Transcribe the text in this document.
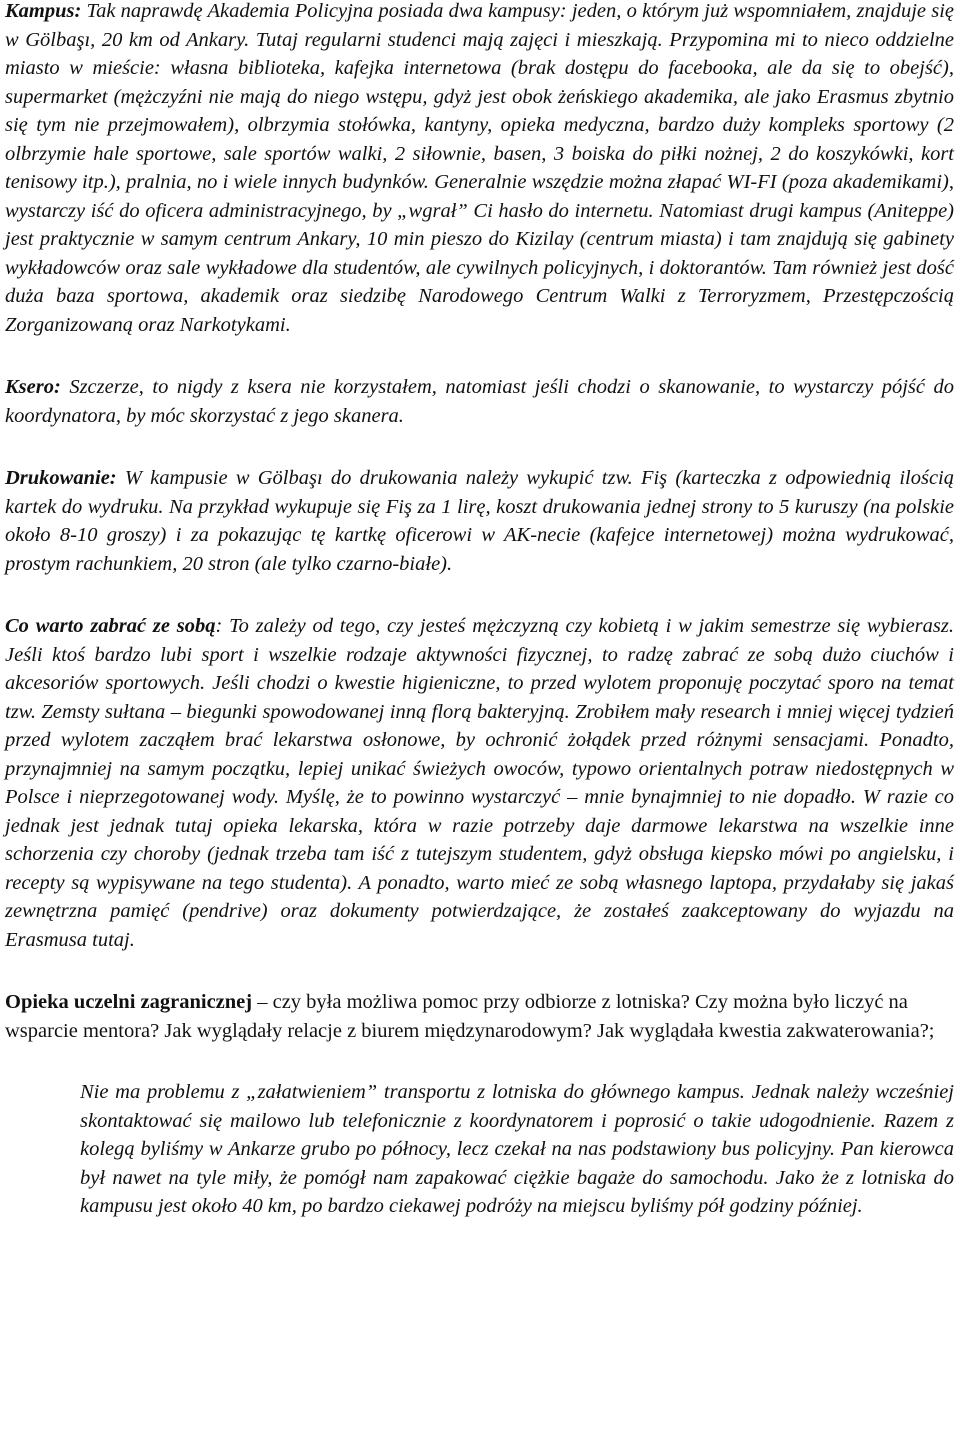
Kampus: Tak naprawdę Akademia Policyjna posiada dwa kampusy: jeden, o którym już wspomniałem, znajduje się w Gölbaşı, 20 km od Ankary. Tutaj regularni studenci mają zajęci i mieszkają. Przypomina mi to nieco oddzielne miasto w mieście: własna biblioteka, kafejka internetowa (brak dostępu do facebooka, ale da się to obejść), supermarket (mężczyźni nie mają do niego wstępu, gdyż jest obok żeńskiego akademika, ale jako Erasmus zbytnio się tym nie przejmowałem), olbrzymia stołówka, kantyny, opieka medyczna, bardzo duży kompleks sportowy (2 olbrzymie hale sportowe, sale sportów walki, 2 siłownie, basen, 3 boiska do piłki nożnej, 2 do koszykówki, kort tenisowy itp.), pralnia, no i wiele innych budynków. Generalnie wszędzie można złapać WI-FI (poza akademikami), wystarczy iść do oficera administracyjnego, by „wgrał” Ci hasło do internetu. Natomiast drugi kampus (Aniteppe) jest praktycznie w samym centrum Ankary, 10 min pieszo do Kizilay (centrum miasta) i tam znajdują się gabinety wykładowców oraz sale wykładowe dla studentów, ale cywilnych policyjnych, i doktorantów. Tam również jest dość duża baza sportowa, akademik oraz siedzibę Narodowego Centrum Walki z Terroryzmem, Przestępczością Zorganizowaną oraz Narkotykami.

Ksero: Szczerze, to nigdy z ksera nie korzystałem, natomiast jeśli chodzi o skanowanie, to wystarczy pójść do koordynatora, by móc skorzystać z jego skanera.

Drukowanie: W kampusie w Gölbaşı do drukowania należy wykupić tzw. Fiş (karteczka z odpowiednią ilością kartek do wydruku. Na przykład wykupuje się Fiş za 1 lirę, koszt drukowania jednej strony to 5 kuruszy (na polskie około 8-10 groszy) i za pokazując tę kartkę oficerowi w AK-necie (kafejce internetowej) można wydrukować, prostym rachunkiem, 20 stron (ale tylko czarno-białe).

Co warto zabrać ze sobą: To zależy od tego, czy jesteś mężczyzną czy kobietą i w jakim semestrze się wybierasz. Jeśli ktoś bardzo lubi sport i wszelkie rodzaje aktywności fizycznej, to radzę zabrać ze sobą dużo ciuchów i akcesoriów sportowych. Jeśli chodzi o kwestie higieniczne, to przed wylotem proponuję poczytać sporo na temat tzw. Zemsty sułtana – biegunki spowodowanej inną florą bakteryjną. Zrobiłem mały research i mniej więcej tydzień przed wylotem zacząłem brać lekarstwa osłonowe, by ochronić żołądek przed różnymi sensacjami. Ponadto, przynajmniej na samym początku, lepiej unikać świeżych owoców, typowo orientalnych potraw niedostępnych w Polsce i nieprzegotowanej wody. Myślę, że to powinno wystarczyć – mnie bynajmniej to nie dopadło. W razie co jednak jest jednak tutaj opieka lekarska, która w razie potrzeby daje darmowe lekarstwa na wszelkie inne schorzenia czy choroby (jednak trzeba tam iść z tutejszym studentem, gdyż obsługa kiepsko mówi po angielsku, i recepty są wypisywane na tego studenta). A ponadto, warto mieć ze sobą własnego laptopa, przydałaby się jakaś zewnętrzna pamięć (pendrive) oraz dokumenty potwierdzające, że zostałeś zaakceptowany do wyjazdu na Erasmusa tutaj.

Opieka uczelni zagranicznej – czy była możliwa pomoc przy odbiorze z lotniska? Czy można było liczyć na wsparcie mentora? Jak wyglądały relacje z biurem międzynarodowym? Jak wyglądała kwestia zakwaterowania?;

Nie ma problemu z „załatwieniem” transportu z lotniska do głównego kampus. Jednak należy wcześniej skontaktować się mailowo lub telefonicznie z koordynatorem i poprosić o takie udogodnienie. Razem z kolegą byliśmy w Ankarze grubo po północy, lecz czekał na nas podstawiony bus policyjny. Pan kierowca był nawet na tyle miły, że pomógł nam zapakować ciężkie bagaże do samochodu. Jako że z lotniska do kampusu jest około 40 km, po bardzo ciekawej podróży na miejscu byliśmy pół godziny później.
